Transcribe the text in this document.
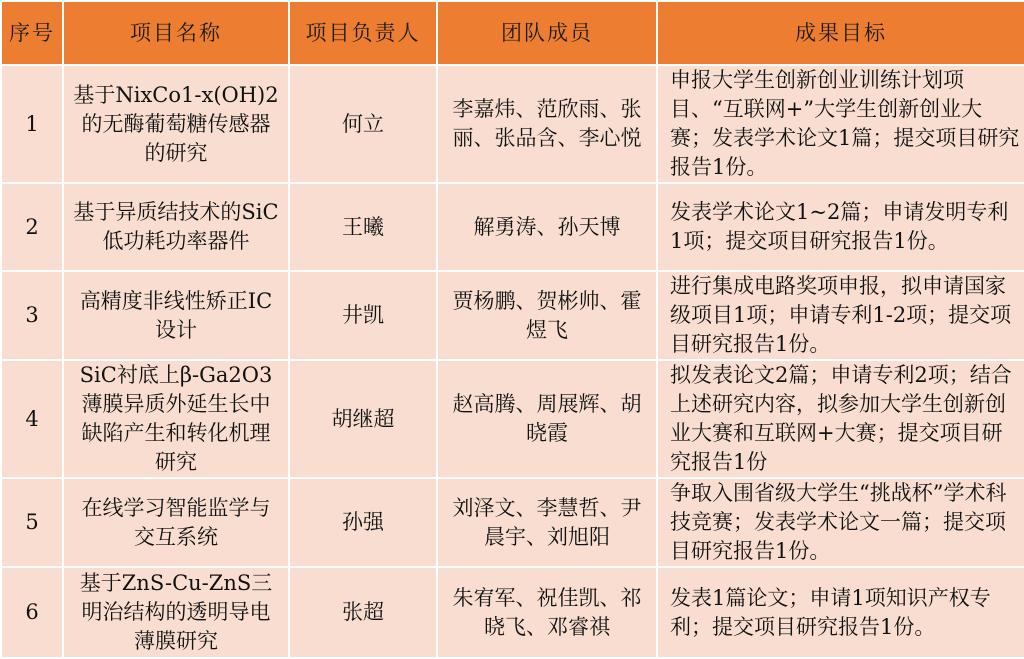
序号	项目名称	项目负责人	团队成员	成果目标
1	基于NixCo1-x(OH)2的无酶葡萄糖传感器的研究	何立	李嘉炜、范欣雨、张丽、张品含、李心悦	申报大学生创新创业训练计划项目、“互联网+”大学生创新创业大赛；发表学术论文1篇；提交项目研究报告1份。
2	基于异质结技术的SiC低功耗功率器件	王曦	解勇涛、孙天博	发表学术论文1~2篇；申请发明专利1项；提交项目研究报告1份。
3	高精度非线性矫正IC设计	井凯	贾杨鹏、贺彬帅、霍煜飞	进行集成电路奖项申报，拟申请国家级项目1项；申请专利1-2项；提交项目研究报告1份。
4	SiC衬底上β-Ga2O3薄膜异质外延生长中缺陷产生和转化机理研究	胡继超	赵高腾、周展辉、胡晓霞	拟发表论文2篇；申请专利2项；结合上述研究内容，拟参加大学生创新创业大赛和互联网+大赛；提交项目研究报告1份
5	在线学习智能监学与交互系统	孙强	刘泽文、李慧哲、尹晨宇、刘旭阳	争取入围省级大学生“挑战杯”学术科技竞赛；发表学术论文一篇；提交项目研究报告1份。
6	基于ZnS-Cu-ZnS三明治结构的透明导电薄膜研究	张超	朱宥军、祝佳凯、祁晓飞、邓睿祺	发表1篇论文；申请1项知识产权专利；提交项目研究报告1份。
